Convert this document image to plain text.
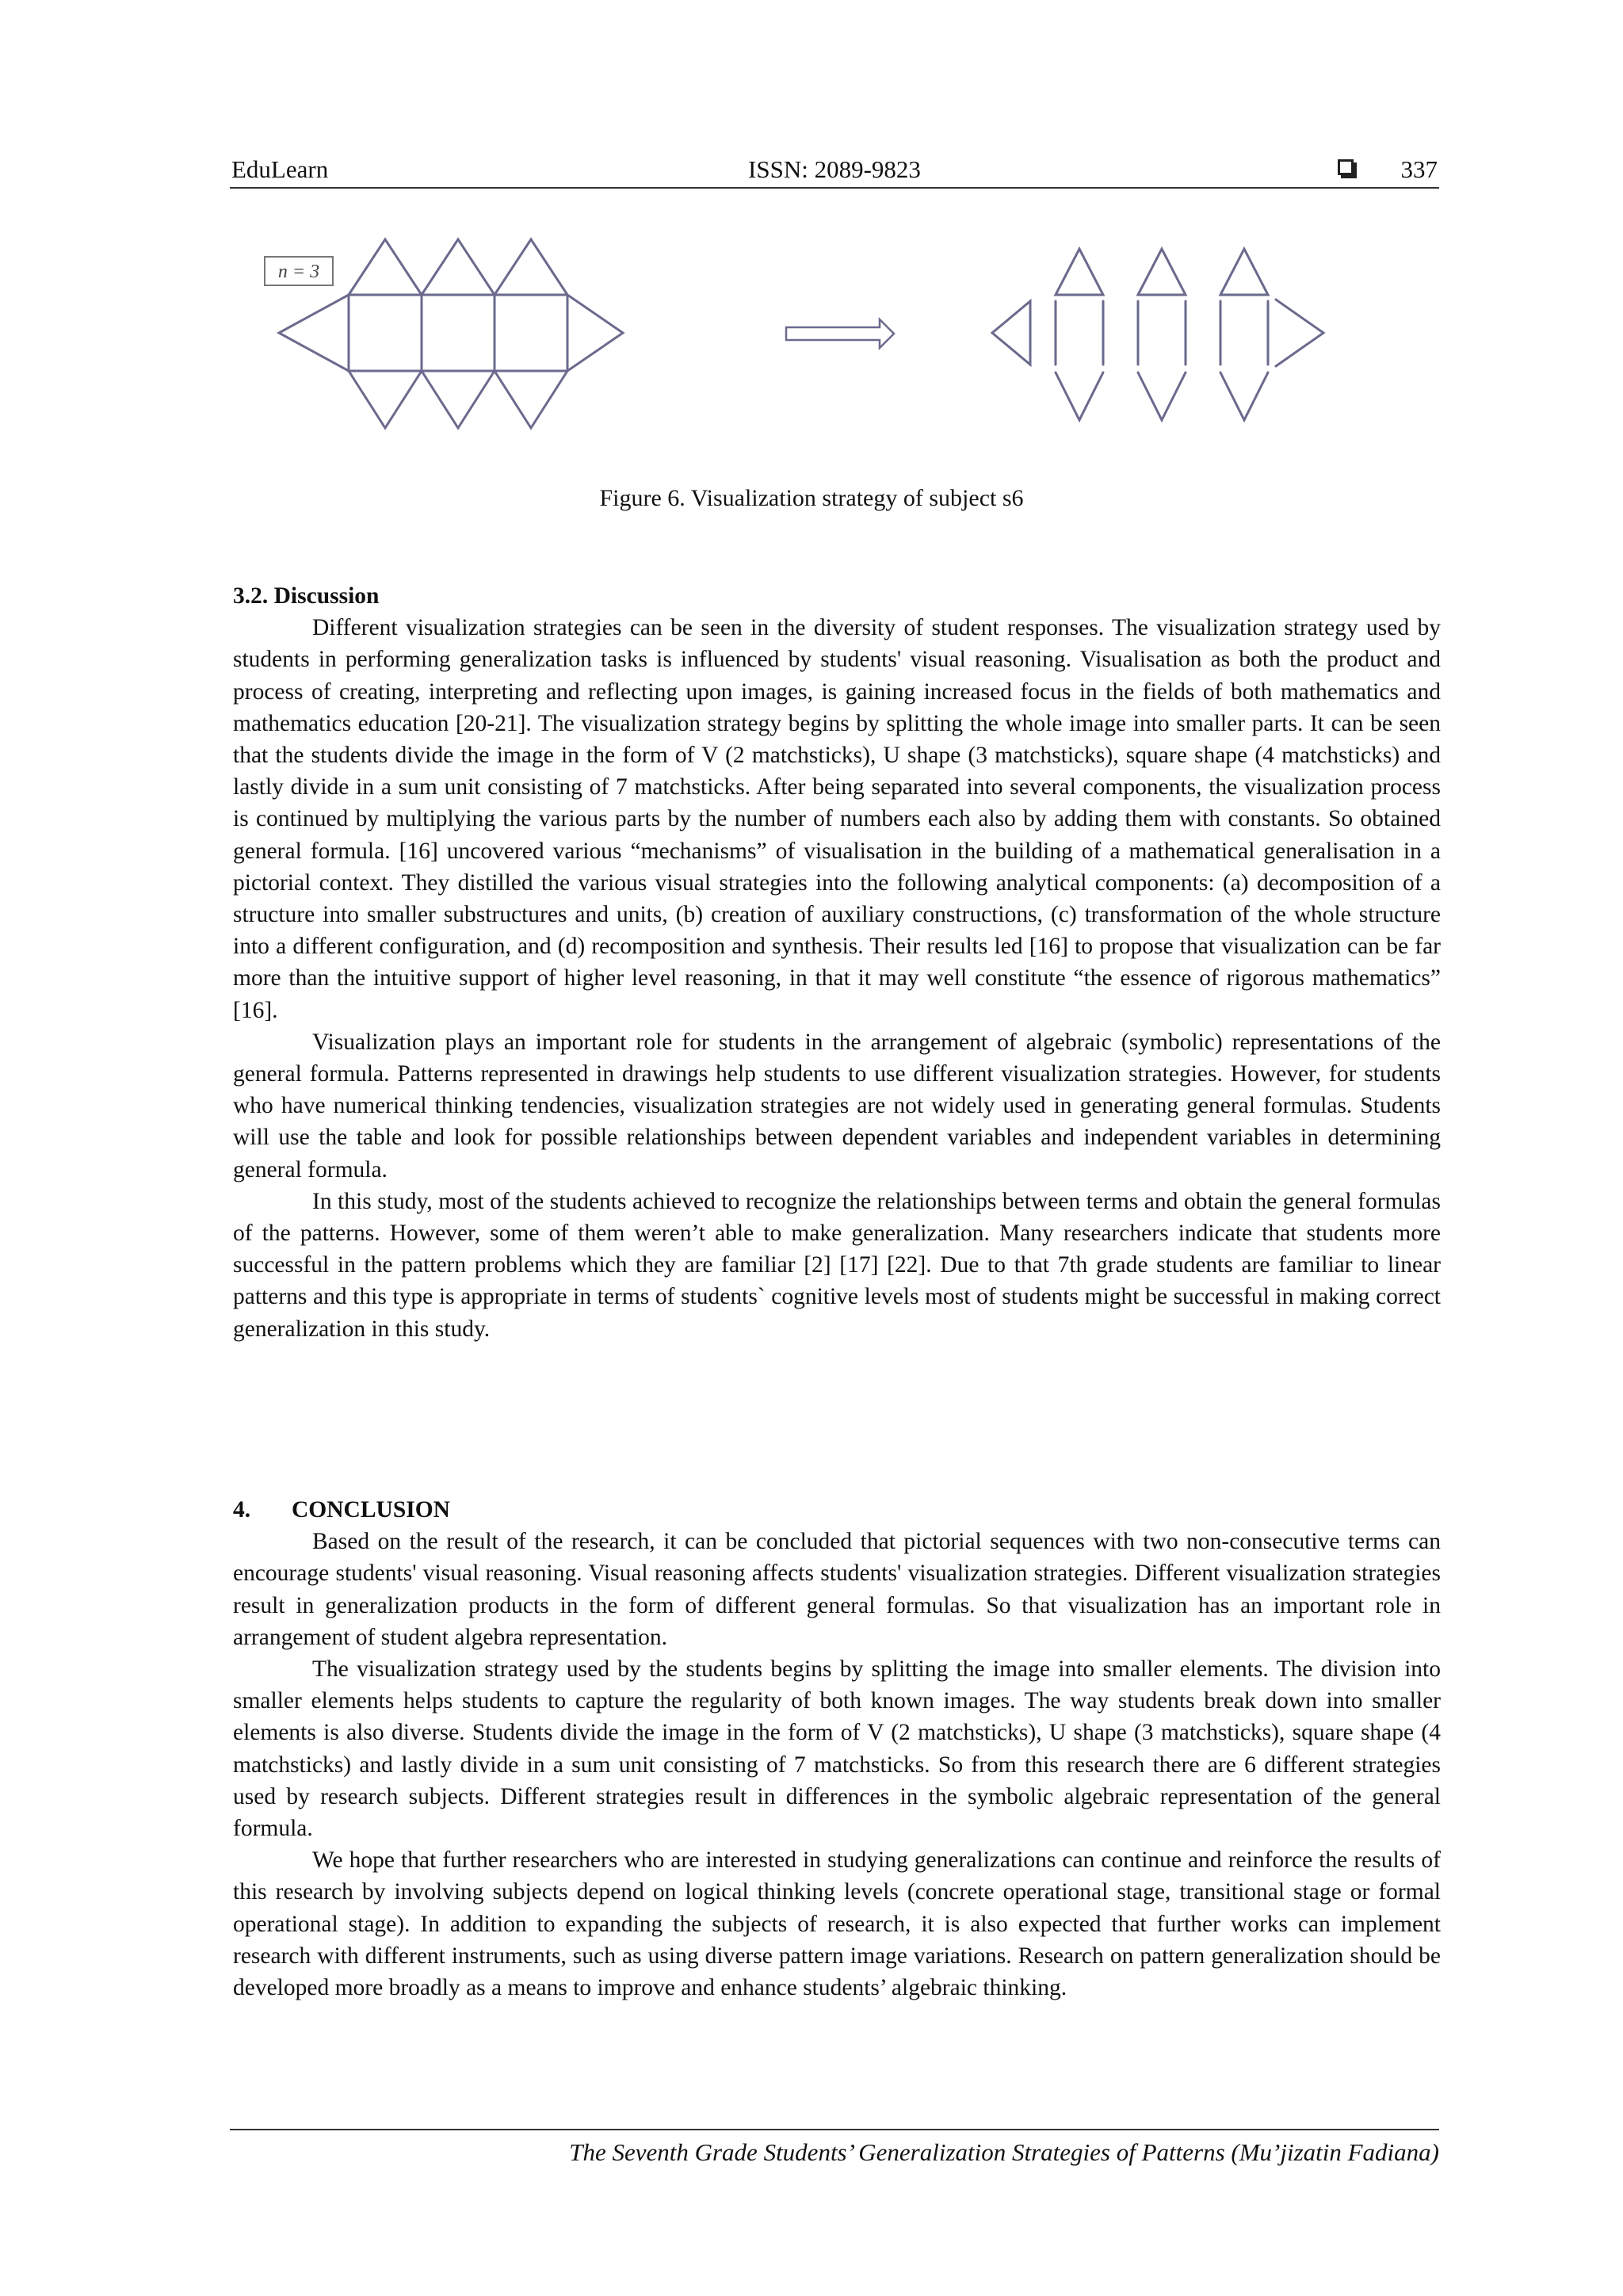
EduLearn	ISSN: 2089-9823	337
n = 3
Figure 6. Visualization strategy of subject s6
3.2. Discussion

Different visualization strategies can be seen in the diversity of student responses. The visualization strategy used by students in performing generalization tasks is influenced by students' visual reasoning. Visualisation as both the product and process of creating, interpreting and reflecting upon images, is gaining increased focus in the fields of both mathematics and mathematics education [20-21]. The visualization strategy begins by splitting the whole image into smaller parts. It can be seen that the students divide the image in the form of V (2 matchsticks), U shape (3 matchsticks), square shape (4 matchsticks) and lastly divide in a sum unit consisting of 7 matchsticks. After being separated into several components, the visualization process is continued by multiplying the various parts by the number of numbers each also by adding them with constants. So obtained general formula. [16] uncovered various “mechanisms” of visualisation in the building of a mathematical generalisation in a pictorial context. They distilled the various visual strategies into the following analytical components: (a) decomposition of a structure into smaller substructures and units, (b) creation of auxiliary constructions, (c) transformation of the whole structure into a different configuration, and (d) recomposition and synthesis. Their results led [16] to propose that visualization can be far more than the intuitive support of higher level reasoning, in that it may well constitute “the essence of rigorous mathematics” [16].

Visualization plays an important role for students in the arrangement of algebraic (symbolic) representations of the general formula. Patterns represented in drawings help students to use different visualization strategies. However, for students who have numerical thinking tendencies, visualization strategies are not widely used in generating general formulas. Students will use the table and look for possible relationships between dependent variables and independent variables in determining general formula.

In this study, most of the students achieved to recognize the relationships between terms and obtain the general formulas of the patterns. However, some of them weren’t able to make generalization. Many researchers indicate that students more successful in the pattern problems which they are familiar [2] [17] [22]. Due to that 7th grade students are familiar to linear patterns and this type is appropriate in terms of students` cognitive levels most of students might be successful in making correct generalization in this study.

4. CONCLUSION

Based on the result of the research, it can be concluded that pictorial sequences with two non-consecutive terms can encourage students' visual reasoning. Visual reasoning affects students' visualization strategies. Different visualization strategies result in generalization products in the form of different general formulas. So that visualization has an important role in arrangement of student algebra representation.

The visualization strategy used by the students begins by splitting the image into smaller elements. The division into smaller elements helps students to capture the regularity of both known images. The way students break down into smaller elements is also diverse. Students divide the image in the form of V (2 matchsticks), U shape (3 matchsticks), square shape (4 matchsticks) and lastly divide in a sum unit consisting of 7 matchsticks. So from this research there are 6 different strategies used by research subjects. Different strategies result in differences in the symbolic algebraic representation of the general formula.

We hope that further researchers who are interested in studying generalizations can continue and reinforce the results of this research by involving subjects depend on logical thinking levels (concrete operational stage, transitional stage or formal operational stage). In addition to expanding the subjects of research, it is also expected that further works can implement research with different instruments, such as using diverse pattern image variations. Research on pattern generalization should be developed more broadly as a means to improve and enhance students’ algebraic thinking.

The Seventh Grade Students’ Generalization Strategies of Patterns (Mu’jizatin Fadiana)
